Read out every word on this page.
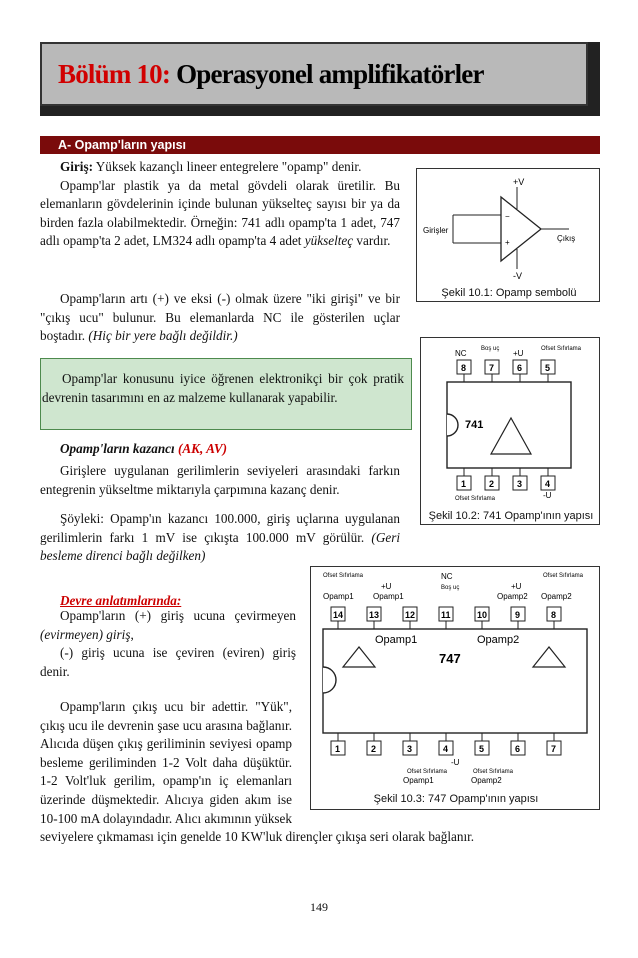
Bölüm 10: Operasyonel amplifikatörler
A- Opamp'ların yapısı
Giriş: Yüksek kazançlı lineer entegrelere "opamp" denir.
Opamp'lar plastik ya da metal gövdeli olarak üretilir. Bu elemanların gövdelerinin içinde bulunan yükselteç sayısı bir ya da birden fazla olabilmektedir. Örneğin: 741 adlı opamp'ta 1 adet, 747 adlı opamp'ta 2 adet, LM324 adlı opamp'ta 4 adet yükselteç vardır.
Opamp'ların artı (+) ve eksi (-) olmak üzere "iki girişi" ve bir "çıkış ucu" bulunur. Bu elemanlarda NC ile gösterilen uçlar boştadır. (Hiç bir yere bağlı değildir.)
Opamp'lar konusunu iyice öğrenen elektronikçi bir çok pratik devrenin tasarımını en az malzeme kullanarak yapabilir.
Opamp'ların kazancı (AK, AV)
Girişlere uygulanan gerilimlerin seviyeleri arasındaki farkın entegrenin yükseltme miktarıyla çarpımına kazanç denir.
Şöyleki: Opamp'ın kazancı 100.000, giriş uçlarına uygulanan gerilimlerin farkı 1 mV ise çıkışta 100.000 mV görülür. (Geri besleme direnci bağlı değilken)
Devre anlatımlarında:
Opamp'ların (+) giriş ucuna çevirmeyen (evirmeyen) giriş,
(-) giriş ucuna ise çeviren (eviren) giriş denir.
Opamp'ların çıkış ucu bir adettir. "Yük", çıkış ucu ile devrenin şase ucu arasına bağlanır. Alıcıda düşen çıkış geriliminin seviyesi opamp besleme geriliminden 1-2 Volt daha düşüktür. 1-2 Volt'luk gerilim, opamp'ın iç elemanları üzerinde düşmektedir. Alıcıya giden akım ise 10-100 mA dolayındadır. Alıcı akımının yüksek seviyelere çıkmaması için genelde 10 KW'luk dirençler çıkışa seri olarak bağlanır.
−
+
+V
-V
Girişler
Çıkış
Şekil 10.1: Opamp sembolü
NC Boş uç +U	Ofset Sıfırlama
8	7	6	5
741
1	2	3	4
Ofset Sıfırlama	-U
Şekil 10.2: 741 Opamp'ının yapısı
Ofset Sıfırlama
Opamp1
+U
Opamp1
NC
Boş uç	+U
Opamp2
Ofset Sıfırlama
Opamp2
14	13	12	11	10	9	8
Opamp1	Opamp2
747
1	2	3	4	5	6	7
Ofset Sıfırlama
Opamp1
-U
Ofset Sıfırlama
Opamp2
Şekil 10.3: 747 Opamp'ının yapısı
149
